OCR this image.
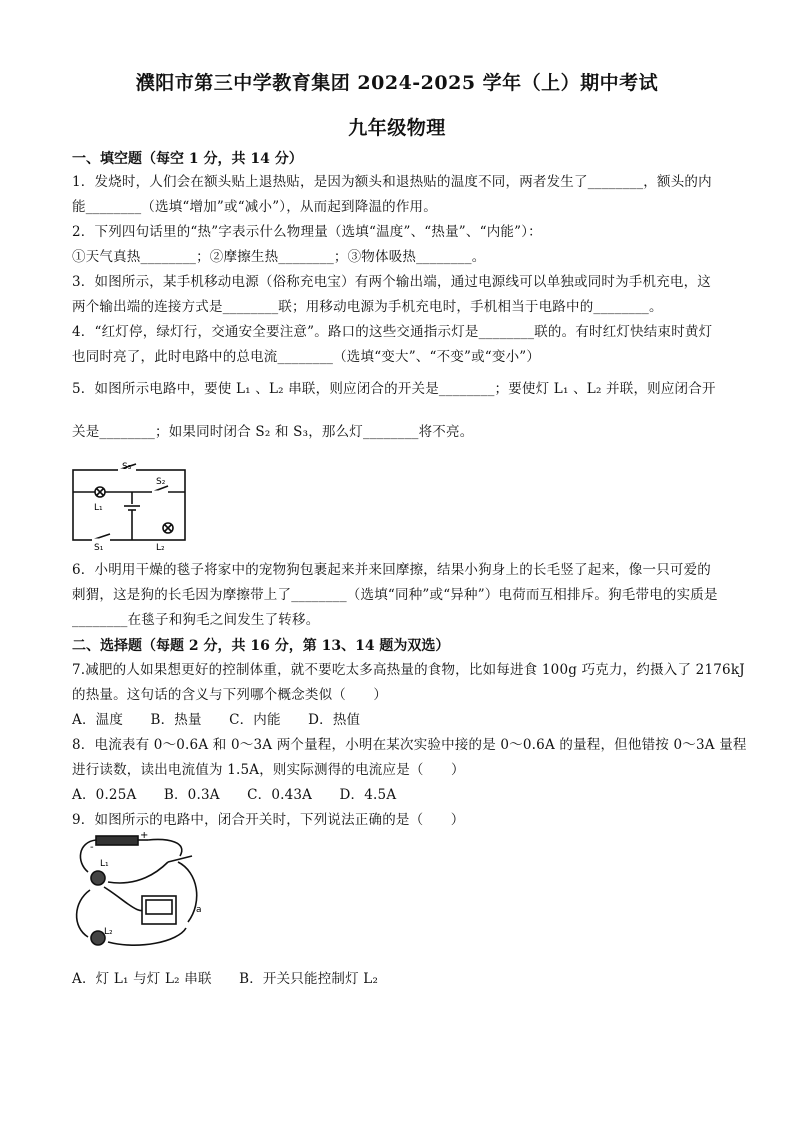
濮阳市第三中学教育集团 2024-2025 学年（上）期中考试
九年级物理
一、填空题（每空 1 分，共 14 分）
1．发烧时，人们会在额头贴上退热贴，是因为额头和退热贴的温度不同，两者发生了________，额头的内
能________（选填“增加”或“减小”），从而起到降温的作用。
2．下列四句话里的“热”字表示什么物理量（选填“温度”、“热量”、“内能”）：
①天气真热________；②摩擦生热________；③物体吸热________。
3．如图所示，某手机移动电源（俗称充电宝）有两个输出端，通过电源线可以单独或同时为手机充电，这
两个输出端的连接方式是________联；用移动电源为手机充电时，手机相当于电路中的________。
4．“红灯停，绿灯行，交通安全要注意”。路口的这些交通指示灯是________联的。有时红灯快结束时黄灯
也同时亮了，此时电路中的总电流________（选填“变大”、“不变”或“变小”）
5．如图所示电路中，要使 L₁ 、L₂ 串联，则应闭合的开关是________；要使灯 L₁ 、L₂ 并联，则应闭合开
关是________；如果同时闭合 S₂ 和 S₃，那么灯________将不亮。
S₃
S₂
L₁
S₁	L₂
6．小明用干燥的毯子将家中的宠物狗包裹起来并来回摩擦，结果小狗身上的长毛竖了起来，像一只可爱的
刺猬，这是狗的长毛因为摩擦带上了________（选填“同种”或“异种”）电荷而互相排斥。狗毛带电的实质是
________在毯子和狗毛之间发生了转移。
二、选择题（每题 2 分，共 16 分，第 13、14 题为双选）
7.减肥的人如果想更好的控制体重，就不要吃太多高热量的食物，比如每进食 100g 巧克力，约摄入了 2176kJ
的热量。这句话的含义与下列哪个概念类似（　　）
A．温度　　B．热量　　C．内能　　D．热值
8．电流表有 0～0.6A 和 0～3A 两个量程，小明在某次实验中接的是 0～0.6A 的量程，但他错按 0～3A 量程
进行读数，读出电流值为 1.5A，则实际测得的电流应是（　　）
A．0.25A　　B．0.3A　　C．0.43A　　D．4.5A
9．如图所示的电路中，闭合开关时，下列说法正确的是（　　）
+
-
L₁
L₂
a
A．灯 L₁ 与灯 L₂ 串联　　B．开关只能控制灯 L₂
